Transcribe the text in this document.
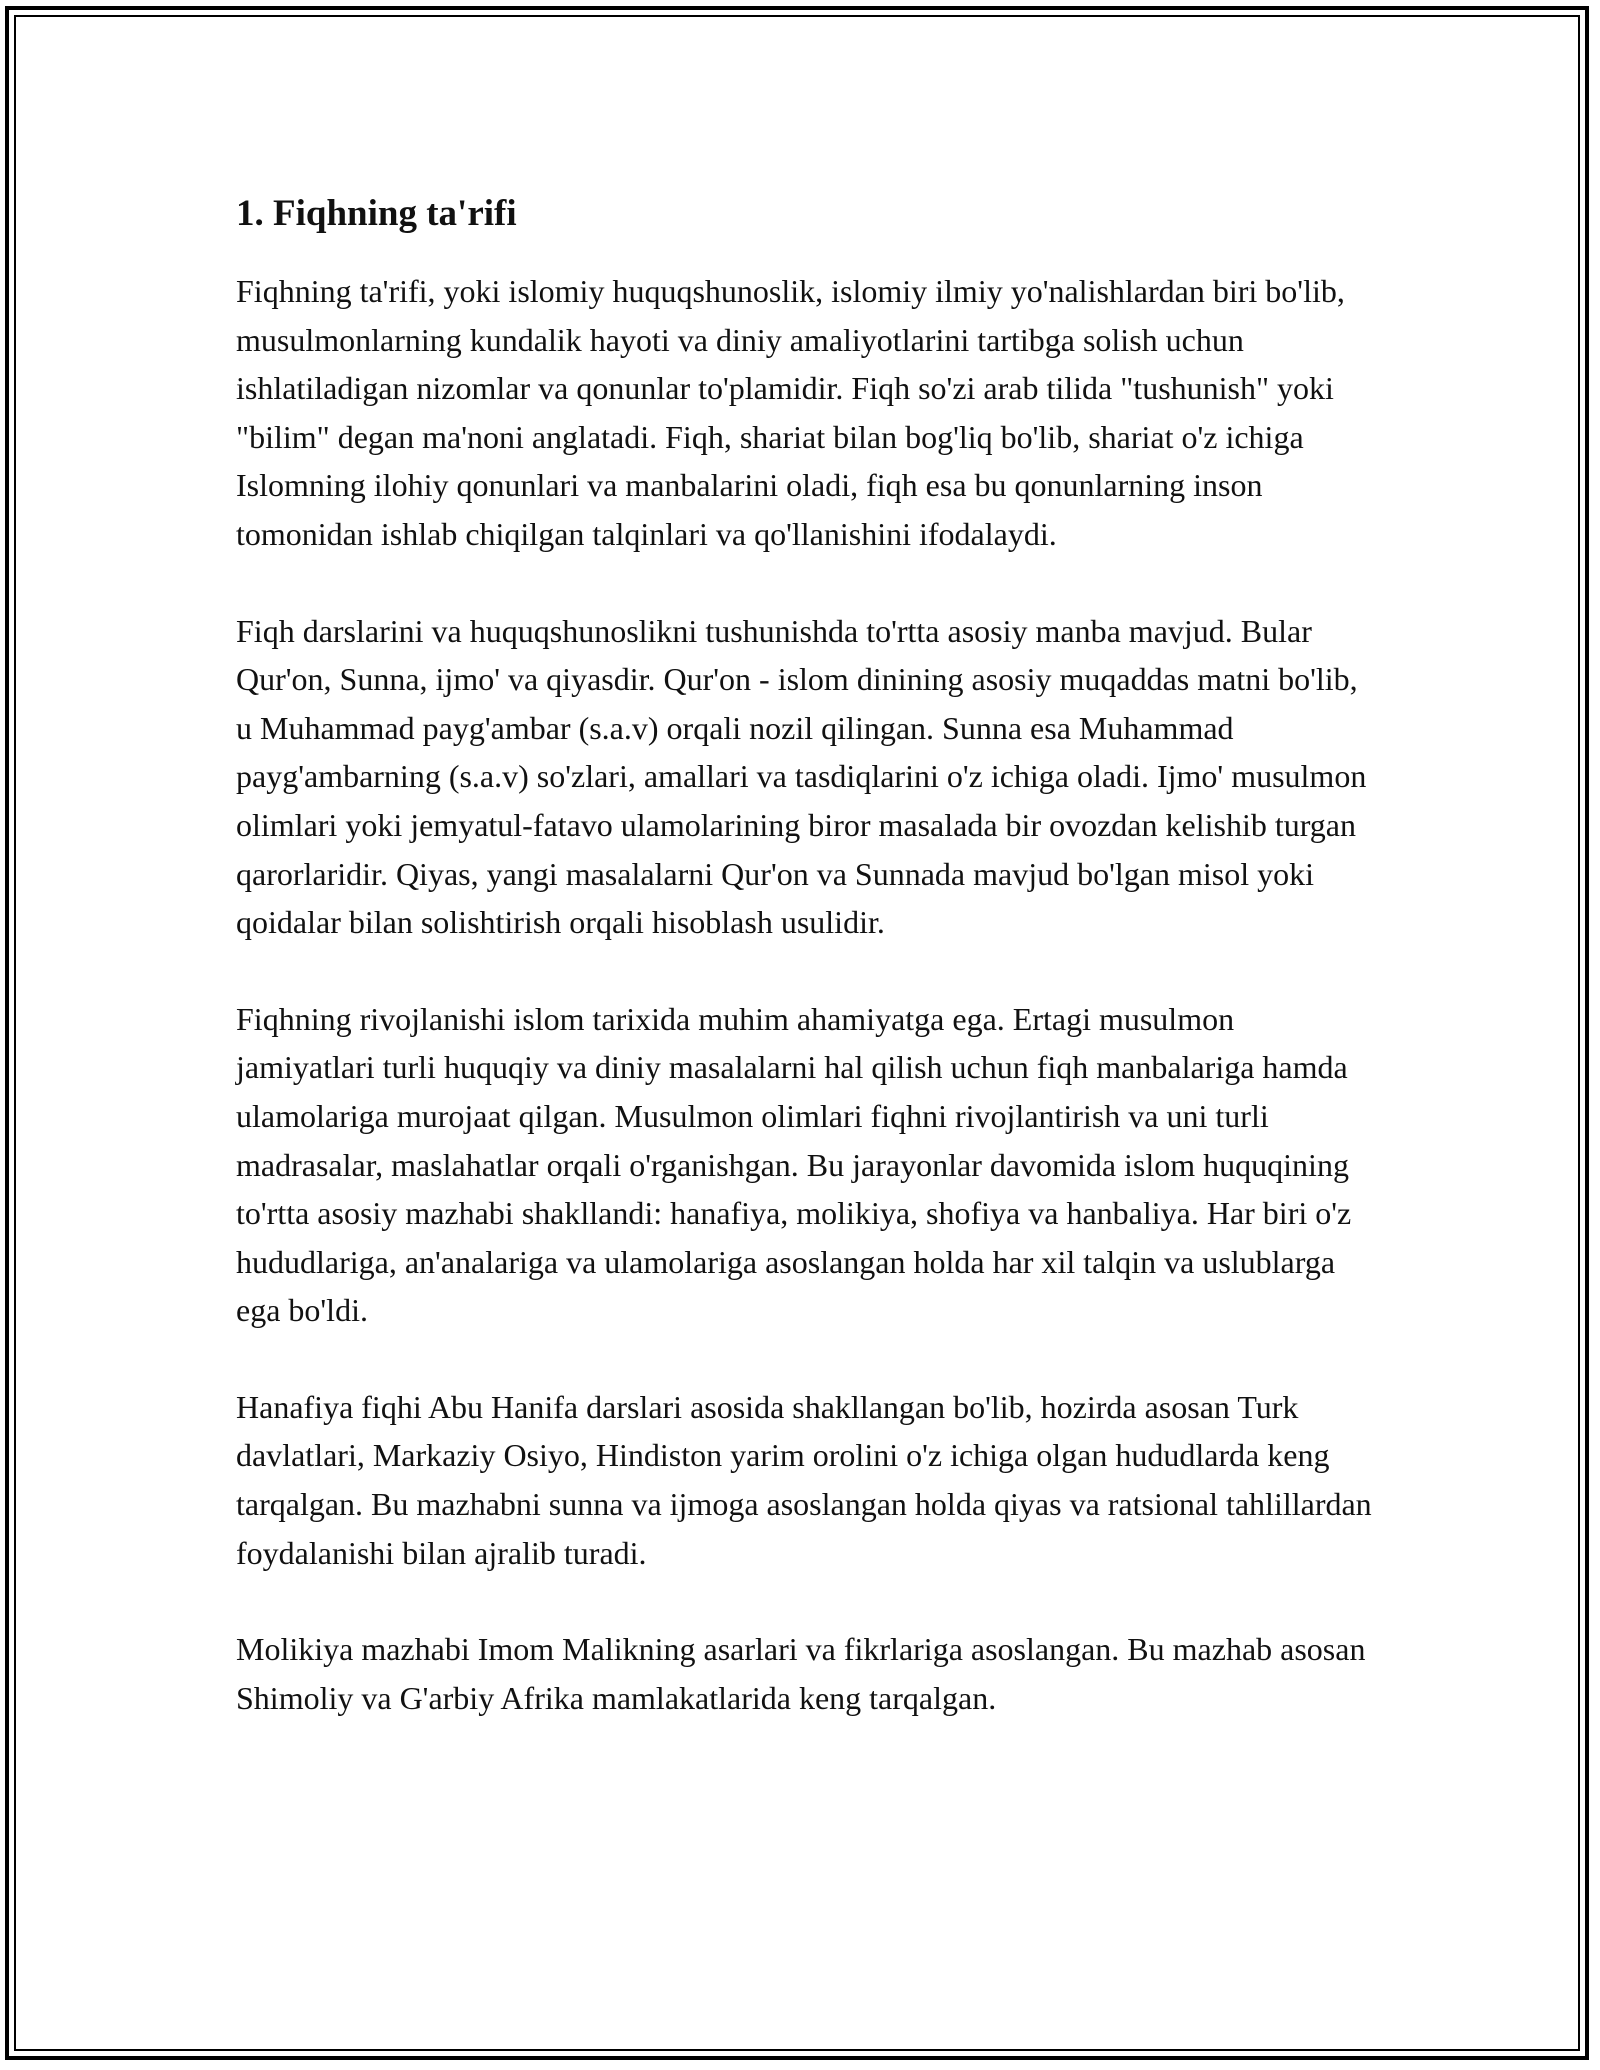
1. Fiqhning ta'rifi

Fiqhning ta'rifi, yoki islomiy huquqshunoslik, islomiy ilmiy yo'nalishlardan biri bo'lib, musulmonlarning kundalik hayoti va diniy amaliyotlarini tartibga solish uchun ishlatiladigan nizomlar va qonunlar to'plamidir. Fiqh so'zi arab tilida "tushunish" yoki "bilim" degan ma'noni anglatadi. Fiqh, shariat bilan bog'liq bo'lib, shariat o'z ichiga Islomning ilohiy qonunlari va manbalarini oladi, fiqh esa bu qonunlarning inson tomonidan ishlab chiqilgan talqinlari va qo'llanishini ifodalaydi.

Fiqh darslarini va huquqshunoslikni tushunishda to'rtta asosiy manba mavjud. Bular Qur'on, Sunna, ijmo' va qiyasdir. Qur'on - islom dinining asosiy muqaddas matni bo'lib, u Muhammad payg'ambar (s.a.v) orqali nozil qilingan. Sunna esa Muhammad payg'ambarning (s.a.v) so'zlari, amallari va tasdiqlarini o'z ichiga oladi. Ijmo' musulmon olimlari yoki jemyatul-fatavo ulamolarining biror masalada bir ovozdan kelishib turgan qarorlaridir. Qiyas, yangi masalalarni Qur'on va Sunnada mavjud bo'lgan misol yoki qoidalar bilan solishtirish orqali hisoblash usulidir.

Fiqhning rivojlanishi islom tarixida muhim ahamiyatga ega. Ertagi musulmon jamiyatlari turli huquqiy va diniy masalalarni hal qilish uchun fiqh manbalariga hamda ulamolariga murojaat qilgan. Musulmon olimlari fiqhni rivojlantirish va uni turli madrasalar, maslahatlar orqali o'rganishgan. Bu jarayonlar davomida islom huquqining to'rtta asosiy mazhabi shakllandi: hanafiya, molikiya, shofiya va hanbaliya. Har biri o'z hududlariga, an'analariga va ulamolariga asoslangan holda har xil talqin va uslublarga ega bo'ldi.

Hanafiya fiqhi Abu Hanifa darslari asosida shakllangan bo'lib, hozirda asosan Turk davlatlari, Markaziy Osiyo, Hindiston yarim orolini o'z ichiga olgan hududlarda keng tarqalgan. Bu mazhabni sunna va ijmoga asoslangan holda qiyas va ratsional tahlillardan foydalanishi bilan ajralib turadi.

Molikiya mazhabi Imom Malikning asarlari va fikrlariga asoslangan. Bu mazhab asosan Shimoliy va G'arbiy Afrika mamlakatlarida keng tarqalgan.
